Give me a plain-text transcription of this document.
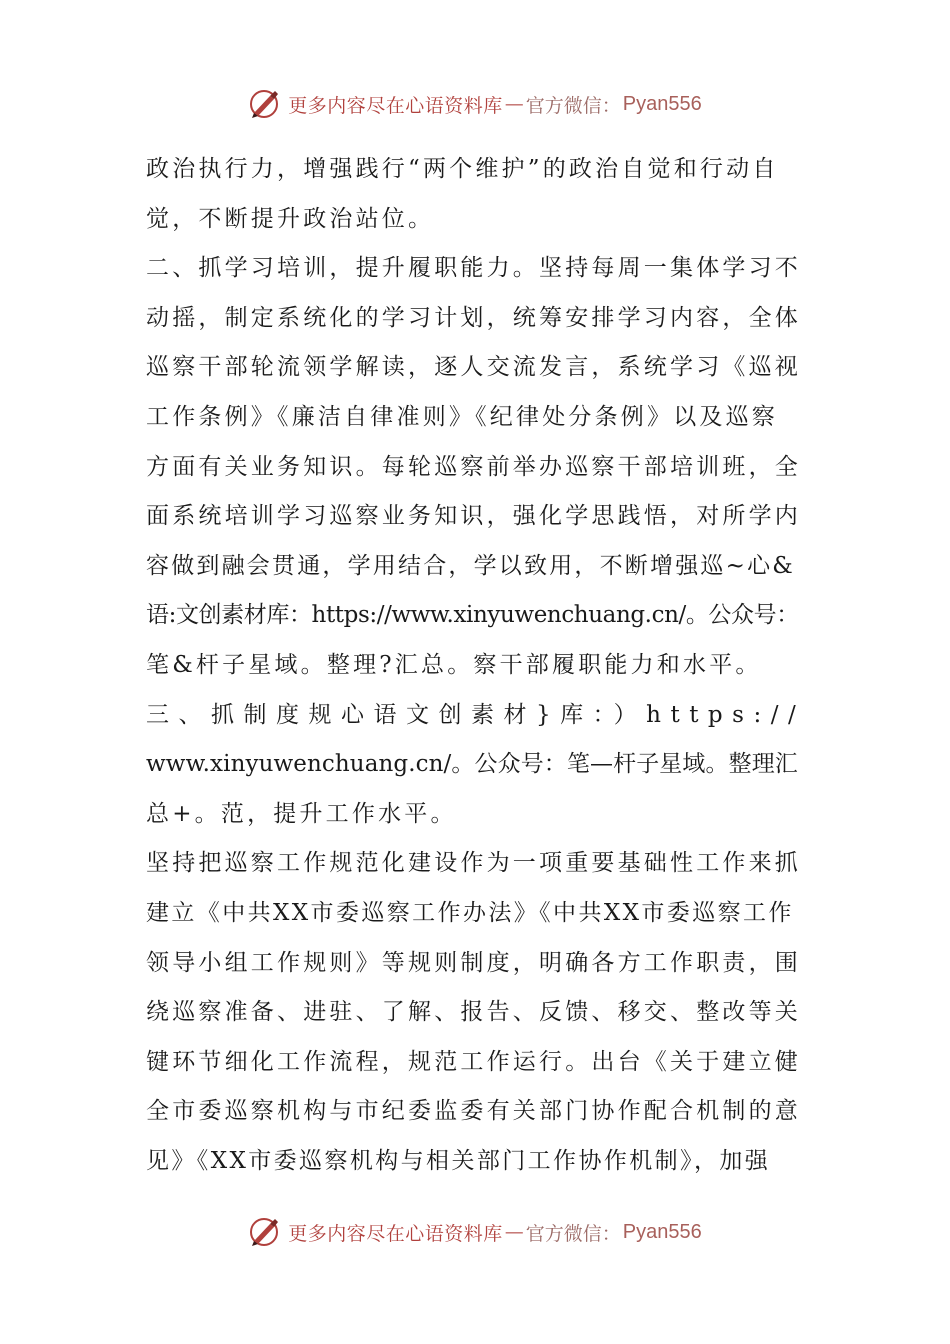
更多内容尽在心语资料库 — 官方微信： Pyan556
政治执行力，增强践行“两个维护”的政治自觉和行动自
觉，不断提升政治站位。
二、抓学习培训，提升履职能力。坚持每周一集体学习不
动摇，制定系统化的学习计划，统筹安排学习内容，全体
巡察干部轮流领学解读，逐人交流发言，系统学习《巡视
工作条例》《廉洁自律准则》《纪律处分条例》以及巡察
方面有关业务知识。每轮巡察前举办巡察干部培训班，全
面系统培训学习巡察业务知识，强化学思践悟，对所学内
容做到融会贯通，学用结合，学以致用，不断增强巡~心&
语:文创素材库：https://www.xinyuwenchuang.cn/。公众号：
笔&杆子星域。整理?汇总。察干部履职能力和水平。
三、抓制度规心语文创素材}库：）https://
www.xinyuwenchuang.cn/。公众号：笔—杆子星域。整理汇
总+。范，提升工作水平。
坚持把巡察工作规范化建设作为一项重要基础性工作来抓
建立《中共XX市委巡察工作办法》《中共XX市委巡察工作
领导小组工作规则》等规则制度，明确各方工作职责，围
绕巡察准备、进驻、了解、报告、反馈、移交、整改等关
键环节细化工作流程，规范工作运行。出台《关于建立健
全市委巡察机构与市纪委监委有关部门协作配合机制的意
见》《XX市委巡察机构与相关部门工作协作机制》，加强
更多内容尽在心语资料库 — 官方微信： Pyan556
